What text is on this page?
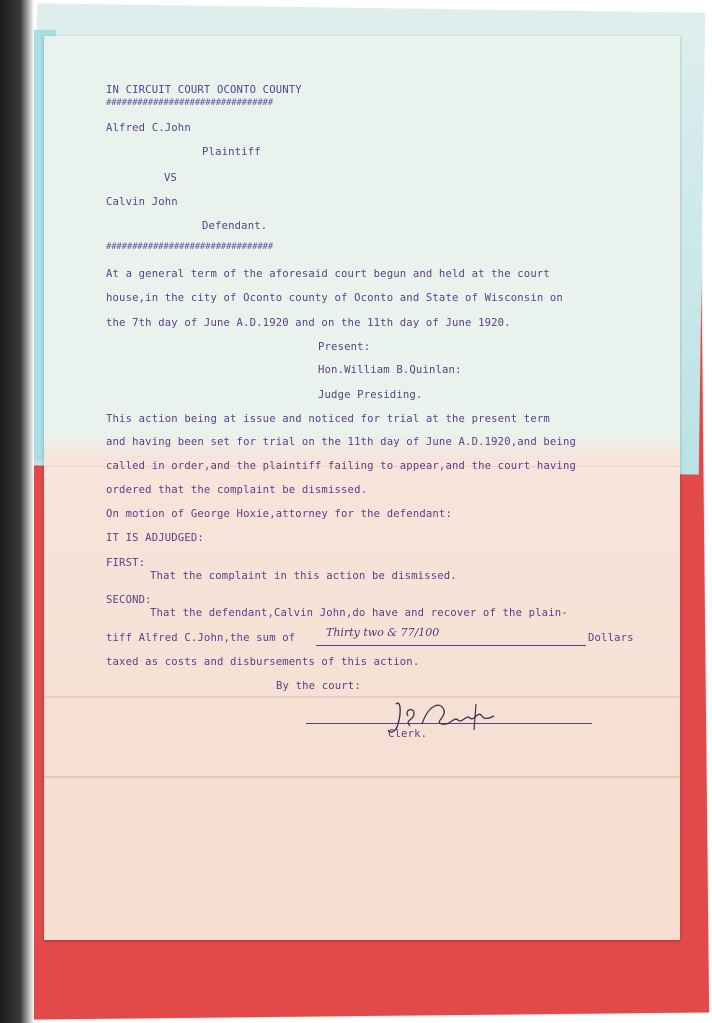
IN CIRCUIT COURT OCONTO COUNTY
################################
Alfred C.John
Plaintiff
VS
Calvin John
Defendant.
################################
At a general term of the aforesaid court begun and held at the court
house,in the city of Oconto county of Oconto and State of Wisconsin on
the 7th day of June A.D.1920 and on the 11th day of June 1920.
Present:
Hon.William B.Quinlan:
Judge Presiding.
This action being at issue and noticed for trial at the present term
and having been set for trial on the 11th day of June A.D.1920,and being
called in order,and the plaintiff failing to appear,and the court having
ordered that the complaint be dismissed.
On motion of George Hoxie,attorney for the defendant:
IT IS ADJUDGED:
FIRST:
That the complaint in this action be dismissed.
SECOND:
That the defendant,Calvin John,do have and recover of the plain-
tiff Alfred C.John,the sum of	Thirty two & 77/100	Dollars
taxed as costs and disbursements of this action.
By the court:
Clerk.
